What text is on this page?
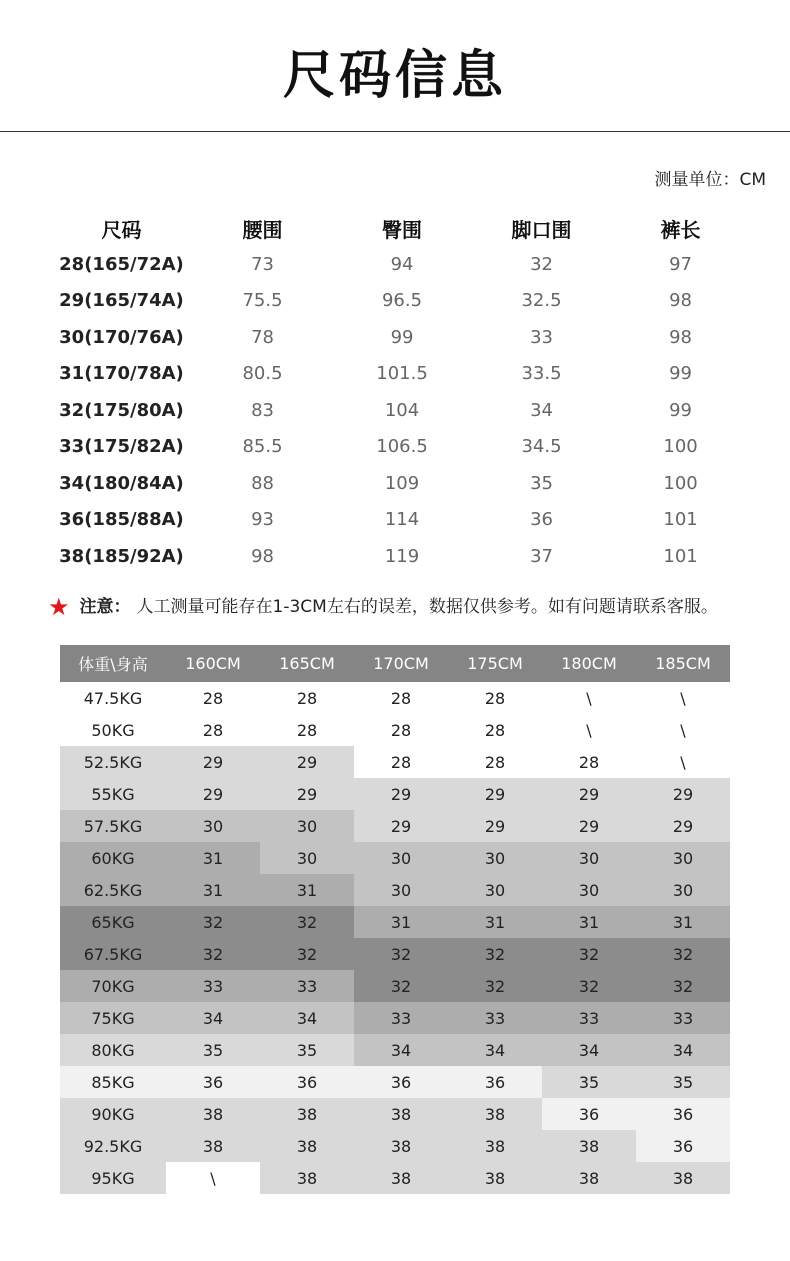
尺码信息
测量单位：CM
尺码	腰围	臀围	脚口围	裤长
28(165/72A)	73	94	32	97
29(165/74A)	75.5	96.5	32.5	98
30(170/76A)	78	99	33	98
31(170/78A)	80.5	101.5	33.5	99
32(175/80A)	83	104	34	99
33(175/82A)	85.5	106.5	34.5	100
34(180/84A)	88	109	35	100
36(185/88A)	93	114	36	101
38(185/92A)	98	119	37	101
★ 注意： 人工测量可能存在1-3CM左右的误差，数据仅供参考。如有问题请联系客服。
体重\身高	160CM	165CM	170CM	175CM	180CM	185CM
47.5KG	28	28	28	28	\	\
50KG	28	28	28	28	\	\
52.5KG	29	29	28	28	28	\
55KG	29	29	29	29	29	29
57.5KG	30	30	29	29	29	29
60KG	31	30	30	30	30	30
62.5KG	31	31	30	30	30	30
65KG	32	32	31	31	31	31
67.5KG	32	32	32	32	32	32
70KG	33	33	32	32	32	32
75KG	34	34	33	33	33	33
80KG	35	35	34	34	34	34
85KG	36	36	36	36	35	35
90KG	38	38	38	38	36	36
92.5KG	38	38	38	38	38	36
95KG	\	38	38	38	38	38
